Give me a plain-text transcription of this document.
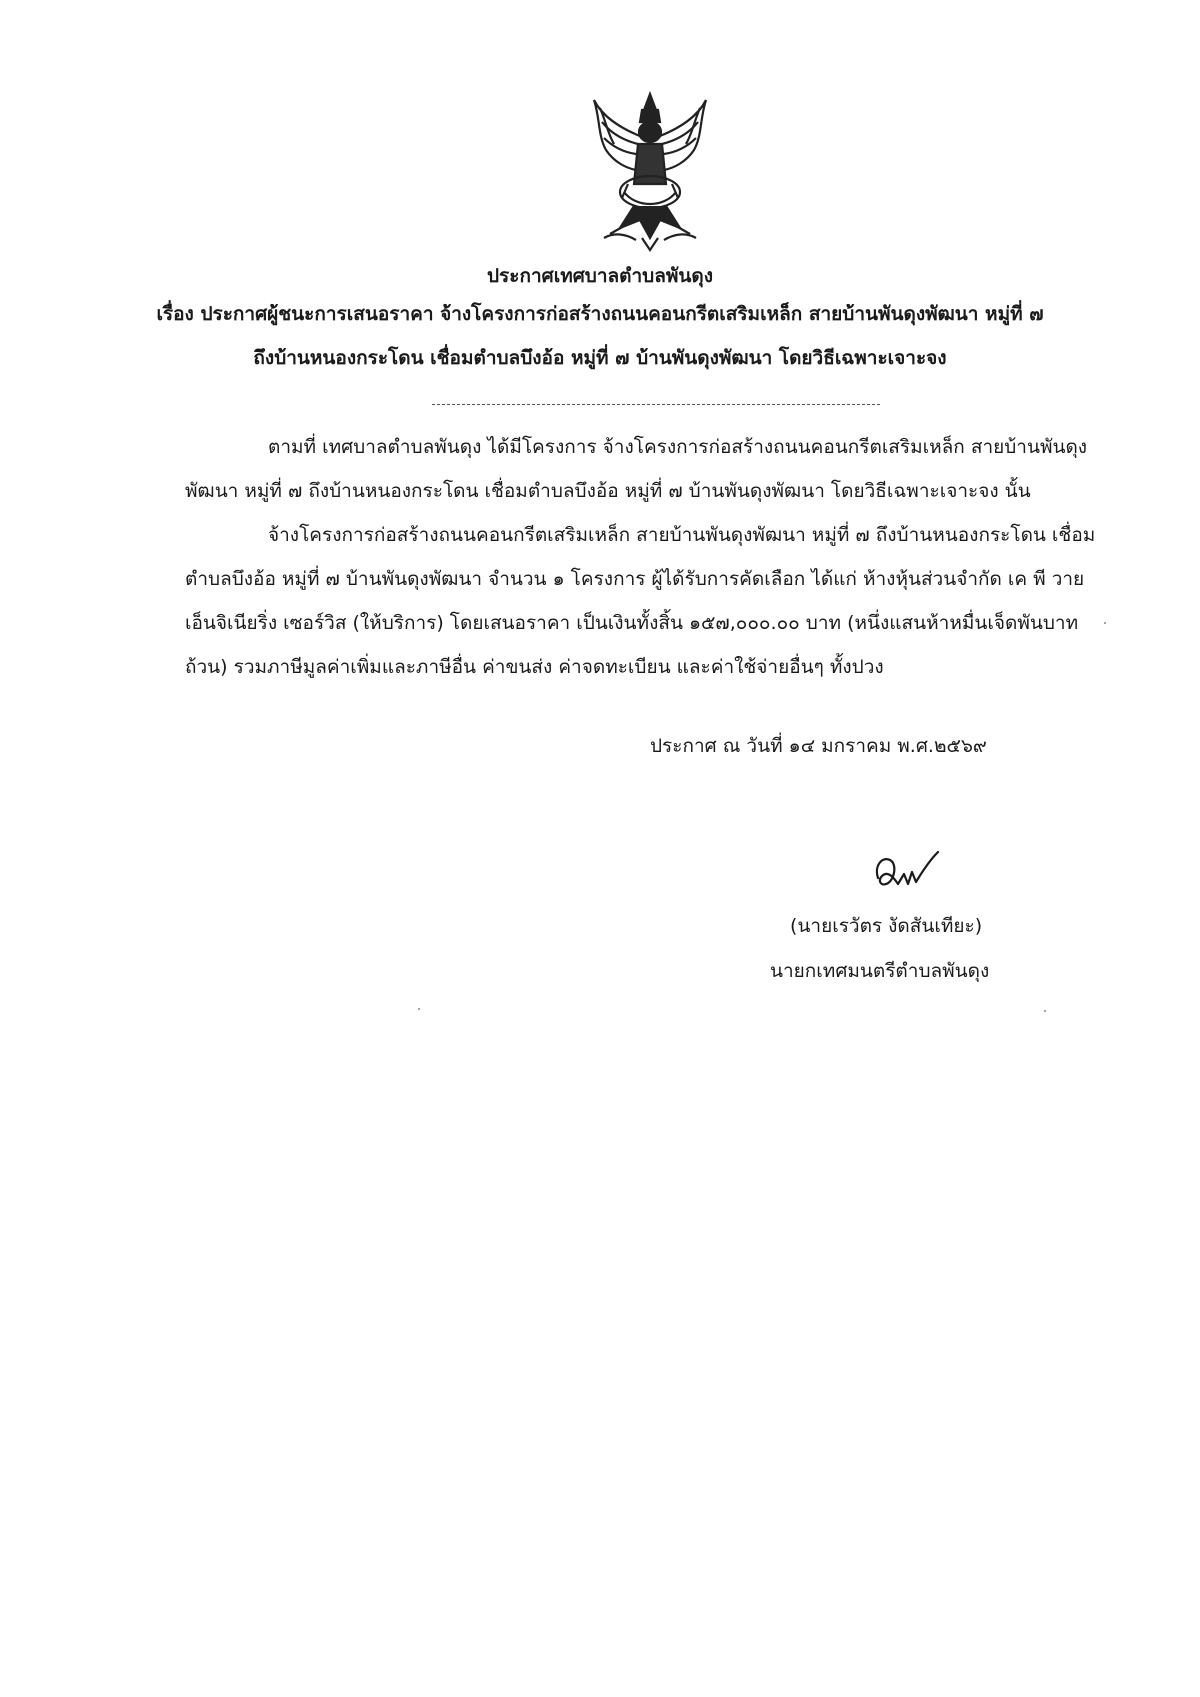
ประกาศเทศบาลตำบลพันดุง
เรื่อง ประกาศผู้ชนะการเสนอราคา จ้างโครงการก่อสร้างถนนคอนกรีตเสริมเหล็ก สายบ้านพันดุงพัฒนา หมู่ที่ ๗
ถึงบ้านหนองกระโดน เชื่อมตำบลบึงอ้อ หมู่ที่ ๗ บ้านพันดุงพัฒนา โดยวิธีเฉพาะเจาะจง
ตามที่ เทศบาลตำบลพันดุง ได้มีโครงการ จ้างโครงการก่อสร้างถนนคอนกรีตเสริมเหล็ก สายบ้านพันดุง
พัฒนา หมู่ที่ ๗ ถึงบ้านหนองกระโดน เชื่อมตำบลบึงอ้อ หมู่ที่ ๗ บ้านพันดุงพัฒนา โดยวิธีเฉพาะเจาะจง นั้น
จ้างโครงการก่อสร้างถนนคอนกรีตเสริมเหล็ก สายบ้านพันดุงพัฒนา หมู่ที่ ๗ ถึงบ้านหนองกระโดน เชื่อม
ตำบลบึงอ้อ หมู่ที่ ๗ บ้านพันดุงพัฒนา จำนวน ๑ โครงการ ผู้ได้รับการคัดเลือก ได้แก่ ห้างหุ้นส่วนจำกัด เค พี วาย
เอ็นจิเนียริ่ง เซอร์วิส (ให้บริการ) โดยเสนอราคา เป็นเงินทั้งสิ้น ๑๕๗,๐๐๐.๐๐ บาท (หนึ่งแสนห้าหมื่นเจ็ดพันบาท
ถ้วน) รวมภาษีมูลค่าเพิ่มและภาษีอื่น ค่าขนส่ง ค่าจดทะเบียน และค่าใช้จ่ายอื่นๆ ทั้งปวง
ประกาศ ณ วันที่ ๑๔ มกราคม พ.ศ.๒๕๖๙
(นายเรวัตร งัดสันเทียะ)
นายกเทศมนตรีตำบลพันดุง
